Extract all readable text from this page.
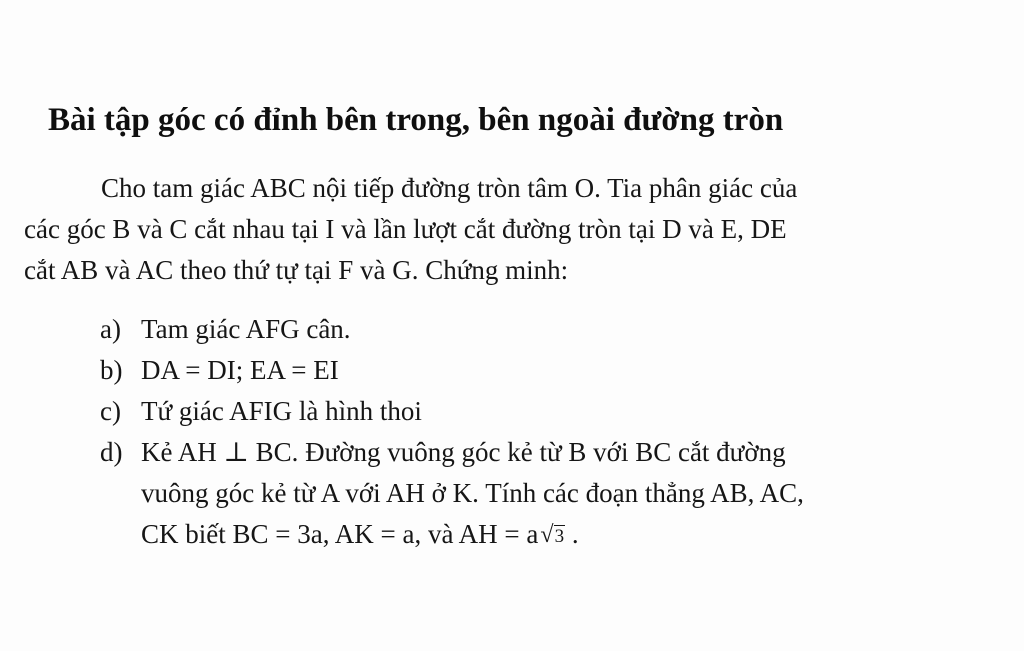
Bài tập góc có đỉnh bên trong, bên ngoài đường tròn
Cho tam giác ABC nội tiếp đường tròn tâm O. Tia phân giác của
các góc B và C cắt nhau tại I và lần lượt cắt đường tròn tại D và E, DE
cắt AB và AC theo thứ tự tại F và G. Chứng minh:
a) Tam giác AFG cân.
b) DA = DI; EA = EI
c) Tứ giác AFIG là hình thoi
d) Kẻ AH ⊥ BC. Đường vuông góc kẻ từ B với BC cắt đường
vuông góc kẻ từ A với AH ở K. Tính các đoạn thẳng AB, AC,
CK biết BC = 3a, AK = a, và AH = a√3 .
